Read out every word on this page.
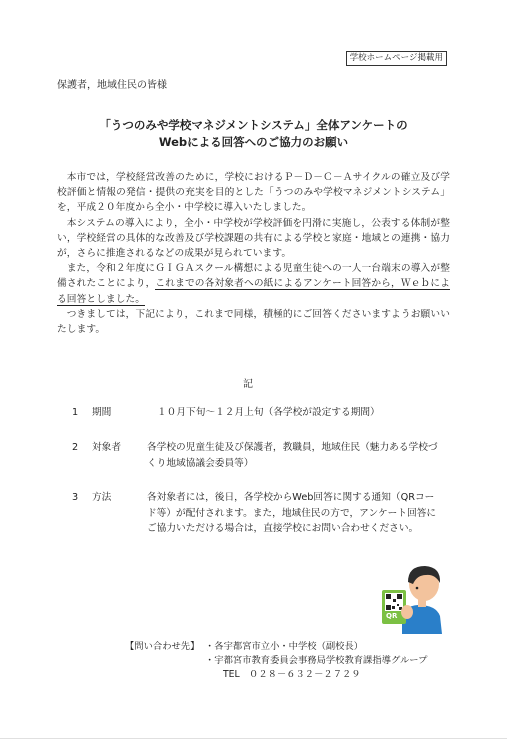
学校ホームページ掲載用
保護者，地域住民の皆様
「うつのみや学校マネジメントシステム」全体アンケートの
Webによる回答へのご協力のお願い

本市では，学校経営改善のために，学校におけるＰ－Ｄ－Ｃ－Ａサイクルの確立及び学校評価と情報の発信・提供の充実を目的とした「うつのみや学校マネジメントシステム」を，平成２０年度から全小・中学校に導入いたしました。

本システムの導入により，全小・中学校が学校評価を円滑に実施し，公表する体制が整い，学校経営の具体的な改善及び学校課題の共有による学校と家庭・地域との連携・協力が，さらに推進されるなどの成果が見られています。

また，令和２年度にＧＩＧＡスクール構想による児童生徒への一人一台端末の導入が整備されたことにより，これまでの各対象者への紙によるアンケート回答から，Ｗｅｂによる回答としました。

つきましては，下記により，これまで同様，積極的にご回答くださいますようお願いいたします。

記
1 期間	１０月下旬～１２月上旬（各学校が設定する期間）
2 対象者	各学校の児童生徒及び保護者，教職員，地域住民（魅力ある学校づくり地域協議会委員等）
3 方法	各対象者には，後日，各学校からWeb回答に関する通知（QRコード等）が配付されます。また，地域住民の方で，アンケート回答にご協力いただける場合は，直接学校にお問い合わせください。
QR
【問い合わせ先】 ・各宇都宮市立小・中学校（副校長）
・宇都宮市教育委員会事務局学校教育課指導グループ
TEL　０２８－６３２－２７２９
